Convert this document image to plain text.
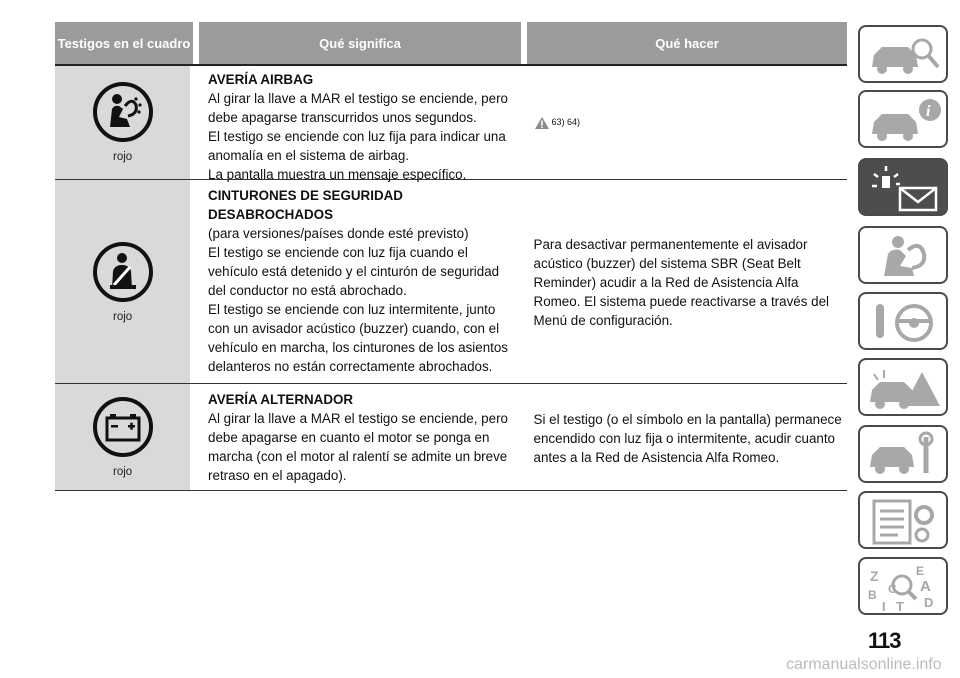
Testigos en el cuadro	Qué significa	Qué hacer
rojo
AVERÍA AIRBAG
Al girar la llave a MAR el testigo se enciende, pero debe apagarse transcurridos unos segundos.
El testigo se enciende con luz fija para indicar una anomalía en el sistema de airbag.
La pantalla muestra un mensaje específico.
63) 64)
rojo
CINTURONES DE SEGURIDAD DESABROCHADOS
(para versiones/países donde esté previsto)
El testigo se enciende con luz fija cuando el vehículo está detenido y el cinturón de seguridad del conductor no está abrochado.
El testigo se enciende con luz intermitente, junto con un avisador acústico (buzzer) cuando, con el vehículo en marcha, los cinturones de los asientos delanteros no están correctamente abrochados.
Para desactivar permanentemente el avisador acústico (buzzer) del sistema SBR (Seat Belt Reminder) acudir a la Red de Asistencia Alfa Romeo. El sistema puede reactivarse a través del Menú de configuración.
rojo
AVERÍA ALTERNADOR
Al girar la llave a MAR el testigo se enciende, pero debe apagarse en cuanto el motor se ponga en marcha (con el motor al ralentí se admite un breve retraso en el apagado).
Si el testigo (o el símbolo en la pantalla) permanece encendido con luz fija o intermitente, acudir cuanto antes a la Red de Asistencia Alfa Romeo.
i
Z
B
I
C
T
E
A
D
113
carmanualsonline.info
